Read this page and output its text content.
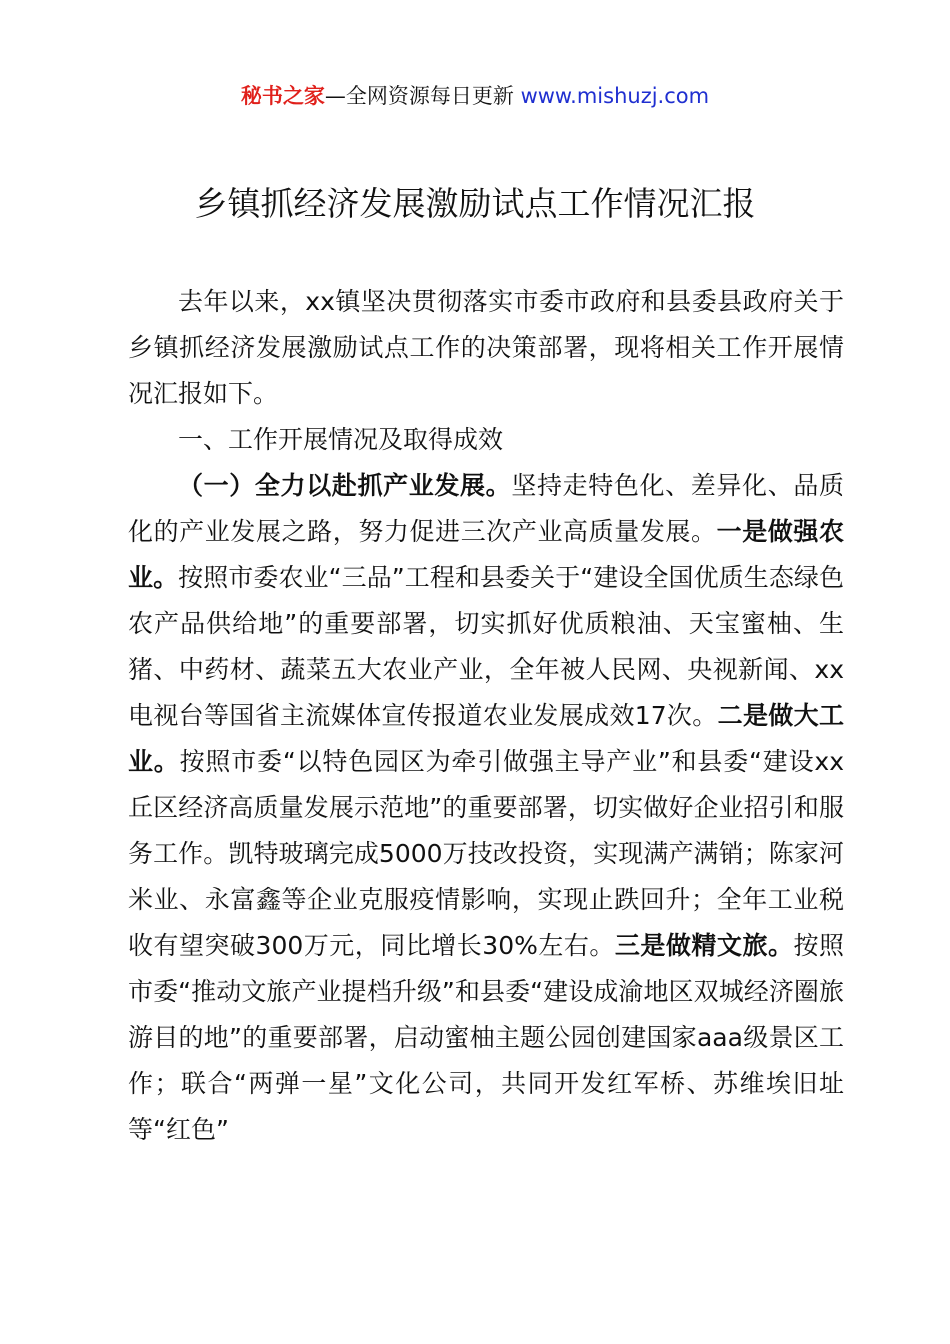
秘书之家—全网资源每日更新 www.mishuzj.com
乡镇抓经济发展激励试点工作情况汇报

去年以来，xx镇坚决贯彻落实市委市政府和县委县政府关于乡镇抓经济发展激励试点工作的决策部署，现将相关工作开展情况汇报如下。

一、工作开展情况及取得成效

（一）全力以赴抓产业发展。坚持走特色化、差异化、品质化的产业发展之路，努力促进三次产业高质量发展。一是做强农业。按照市委农业“三品”工程和县委关于“建设全国优质生态绿色农产品供给地”的重要部署，切实抓好优质粮油、天宝蜜柚、生猪、中药材、蔬菜五大农业产业，全年被人民网、央视新闻、xx电视台等国省主流媒体宣传报道农业发展成效17次。二是做大工业。按照市委“以特色园区为牵引做强主导产业”和县委“建设xx丘区经济高质量发展示范地”的重要部署，切实做好企业招引和服务工作。凯特玻璃完成5000万技改投资，实现满产满销；陈家河米业、永富鑫等企业克服疫情影响，实现止跌回升；全年工业税收有望突破300万元，同比增长30%左右。三是做精文旅。按照市委“推动文旅产业提档升级”和县委“建设成渝地区双城经济圈旅游目的地”的重要部署，启动蜜柚主题公园创建国家aaa级景区工作；联合“两弹一星”文化公司，共同开发红军桥、苏维埃旧址等“红色”
